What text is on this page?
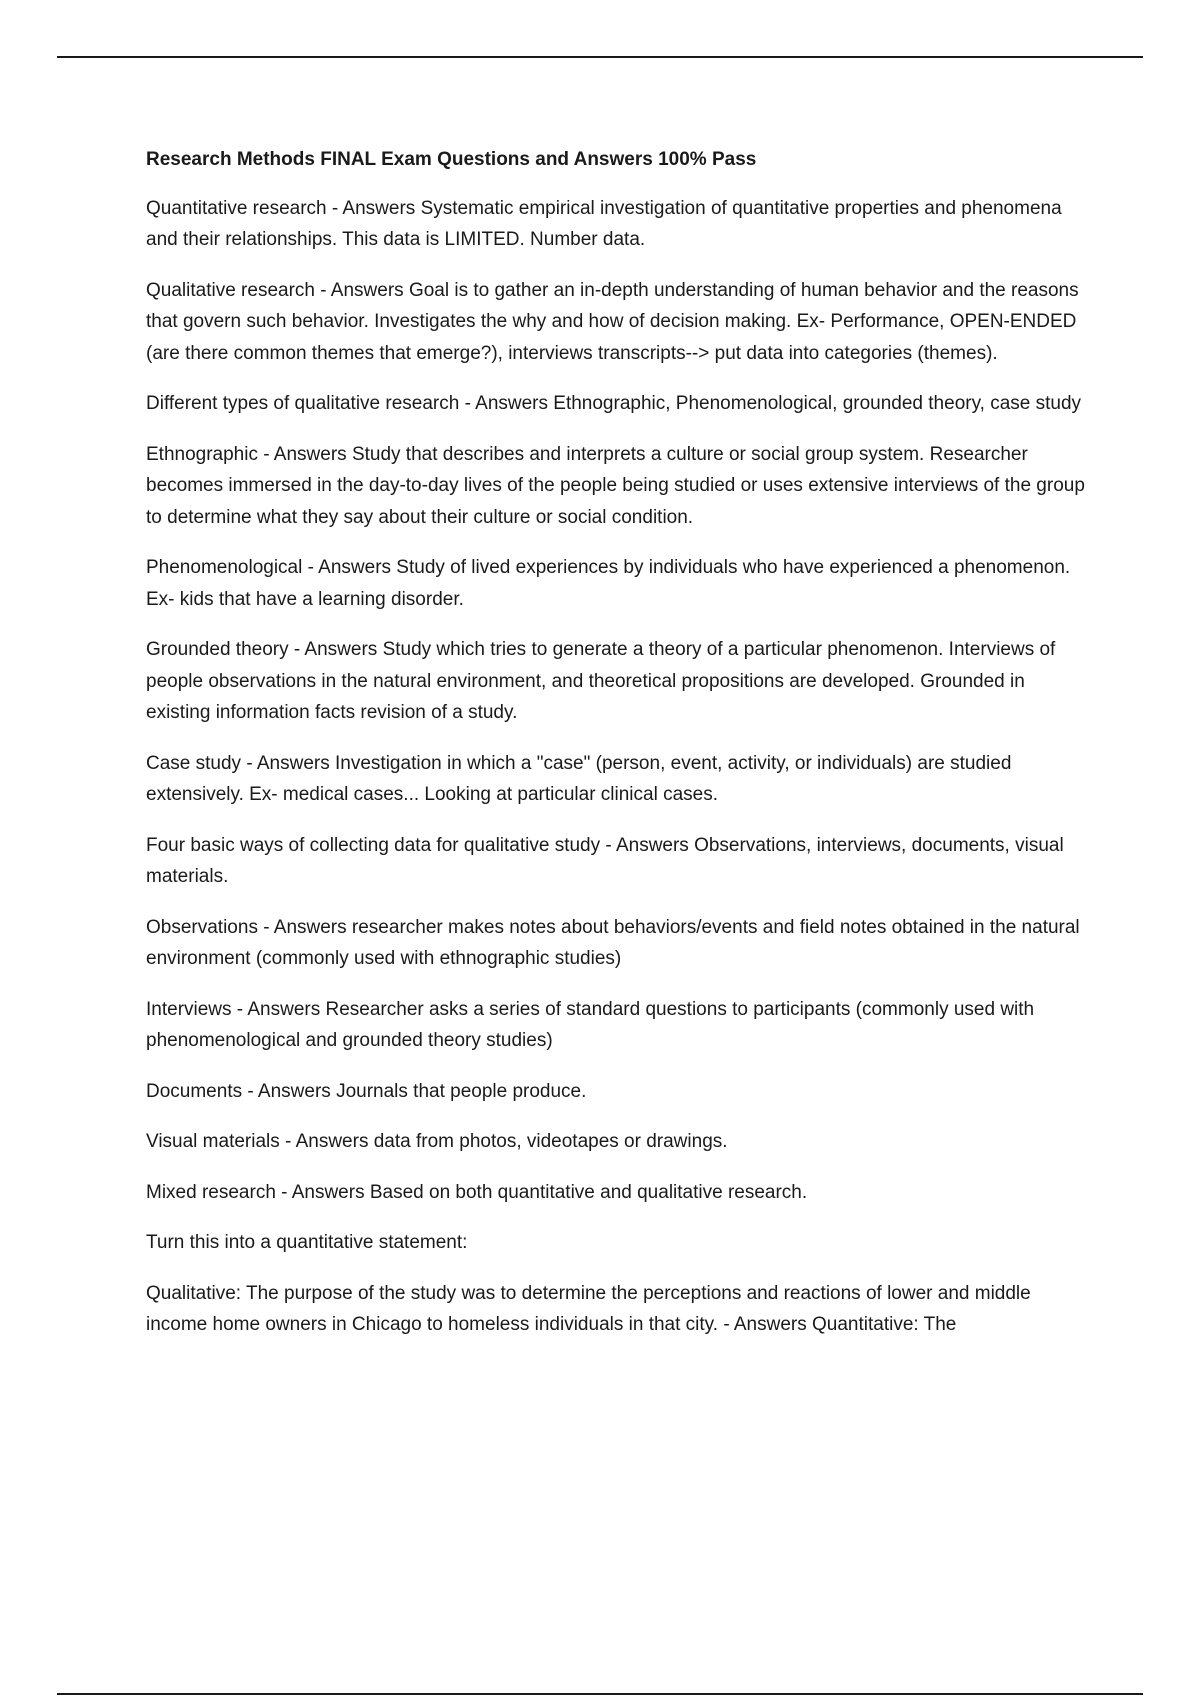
Research Methods FINAL Exam Questions and Answers 100% Pass

Quantitative research - Answers Systematic empirical investigation of quantitative properties and phenomena and their relationships. This data is LIMITED. Number data.

Qualitative research - Answers Goal is to gather an in-depth understanding of human behavior and the reasons that govern such behavior. Investigates the why and how of decision making. Ex- Performance, OPEN-ENDED (are there common themes that emerge?), interviews transcripts--> put data into categories (themes).

Different types of qualitative research - Answers Ethnographic, Phenomenological, grounded theory, case study

Ethnographic - Answers Study that describes and interprets a culture or social group system. Researcher becomes immersed in the day-to-day lives of the people being studied or uses extensive interviews of the group to determine what they say about their culture or social condition.

Phenomenological - Answers Study of lived experiences by individuals who have experienced a phenomenon. Ex- kids that have a learning disorder.

Grounded theory - Answers Study which tries to generate a theory of a particular phenomenon. Interviews of people observations in the natural environment, and theoretical propositions are developed. Grounded in existing information facts revision of a study.

Case study - Answers Investigation in which a "case" (person, event, activity, or individuals) are studied extensively. Ex- medical cases... Looking at particular clinical cases.

Four basic ways of collecting data for qualitative study - Answers Observations, interviews, documents, visual materials.

Observations - Answers researcher makes notes about behaviors/events and field notes obtained in the natural environment (commonly used with ethnographic studies)

Interviews - Answers Researcher asks a series of standard questions to participants (commonly used with phenomenological and grounded theory studies)

Documents - Answers Journals that people produce.

Visual materials - Answers data from photos, videotapes or drawings.

Mixed research - Answers Based on both quantitative and qualitative research.

Turn this into a quantitative statement:

Qualitative: The purpose of the study was to determine the perceptions and reactions of lower and middle income home owners in Chicago to homeless individuals in that city. - Answers Quantitative: The
